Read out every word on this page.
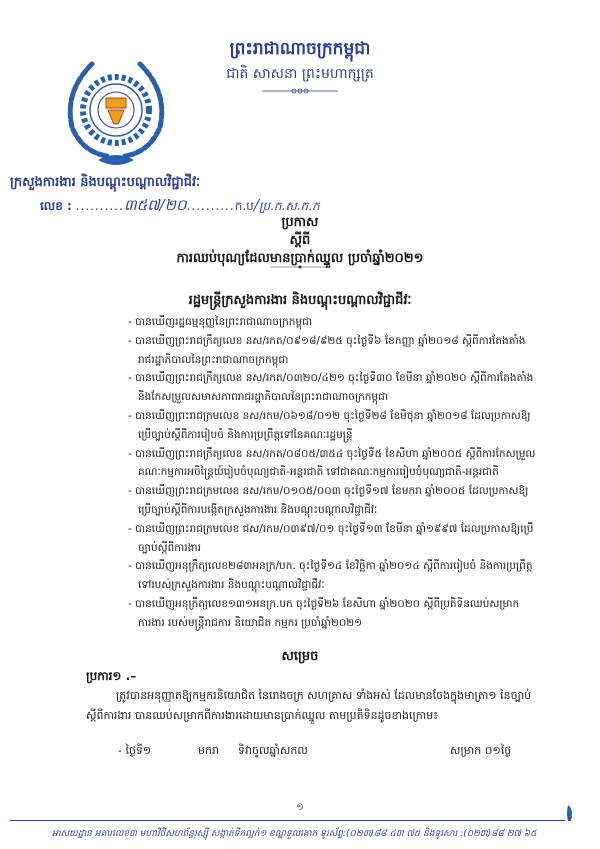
ព្រះរាជាណាចក្រកម្ពុជា
ជាតិ សាសនា ព្រះមហាក្សត្រ
ក្រសួងការងារ និងបណ្តុះបណ្តាលវិជ្ជាជីវៈ
លេខ : ..........៣៥៧/២០..........ក.ប/ប្រ.ក.ស.ក.ក
ប្រកាស
ស្តីពី
ការឈប់បុណ្យដែលមានប្រាក់ឈ្នួល ប្រចាំឆ្នាំ២០២១
រដ្ឋមន្ត្រីក្រសួងការងារ និងបណ្តុះបណ្តាលវិជ្ជាជីវៈ
- បានឃើញរដ្ឋធម្មនុញ្ញនៃព្រះរាជាណាចក្រកម្ពុជា
- បានឃើញព្រះរាជក្រឹត្យលេខ នស/រកត/០៩១៨/៩២៥ ចុះថ្ងៃទី៦ ខែកញ្ញា ឆ្នាំ២០១៨ ស្តីពីការតែងតាំងរាជរដ្ឋាភិបាលនៃព្រះរាជាណាចក្រកម្ពុជា
- បានឃើញព្រះរាជក្រឹត្យលេខ នស/រកត/០៣២០/៤២១ ចុះថ្ងៃទី៣០ ខែមីនា ឆ្នាំ២០២០ ស្តីពីការតែងតាំង និងកែសម្រួលសមាសភាពរាជរដ្ឋាភិបាលនៃព្រះរាជាណាចក្រកម្ពុជា
- បានឃើញព្រះរាជក្រមលេខ នស/រកម/០៦១៨/០១២ ចុះថ្ងៃទី២៨ ខែមិថុនា ឆ្នាំ២០១៨ ដែលប្រកាសឱ្យប្រើច្បាប់ស្តីពីការរៀបចំ និងការប្រព្រឹត្តទៅនៃគណៈរដ្ឋមន្ត្រី
- បានឃើញព្រះរាជក្រឹត្យលេខ នស/រកត/០៨០៥/៣៥៤ ចុះថ្ងៃទី៥ ខែសីហា ឆ្នាំ២០០៥ ស្តីពីការកែសម្រួលគណៈកម្មការអចិន្ត្រៃយ៍រៀបចំបុណ្យជាតិ-អន្តរជាតិ ទៅជាគណៈកម្មការរៀបចំបុណ្យជាតិ-អន្តរជាតិ
- បានឃើញព្រះរាជក្រមលេខ នស/រកម/០១០៥/០០៣ ចុះថ្ងៃទី១៧ ខែមករា ឆ្នាំ២០០៥ ដែលប្រកាសឱ្យប្រើច្បាប់ស្តីពីការបង្កើតក្រសួងការងារ និងបណ្តុះបណ្តាលវិជ្ជាជីវៈ
- បានឃើញព្រះរាជក្រមលេខ ជស/រកម/០៣៩៧/០១ ចុះថ្ងៃទី១៣ ខែមីនា ឆ្នាំ១៩៩៧ ដែលប្រកាសឱ្យប្រើច្បាប់ស្តីពីការងារ
- បានឃើញអនុក្រឹត្យលេខ២៨៣អនក្រ/បក. ចុះថ្ងៃទី១៤ ខែវិច្ឆិកា ឆ្នាំ២០១៤ ស្តីពីការរៀបចំ និងការប្រព្រឹត្តទៅរបស់ក្រសួងការងារ និងបណ្តុះបណ្តាលវិជ្ជាជីវៈ
- បានឃើញអនុក្រឹត្យលេខ១៣១អនក្រ.បក ចុះថ្ងៃទី២៦ ខែសីហា ឆ្នាំ២០២០ ស្តីពីប្រតិទិនឈប់សម្រាកការងារ របស់មន្ត្រីរាជការ និយោជិត កម្មករ ប្រចាំឆ្នាំ២០២១
សម្រេច
ប្រការ១ .–
ត្រូវបានអនុញ្ញាតឱ្យកម្មករនិយោជិត នៃរោងចក្រ សហគ្រាស ទាំងអស់ ដែលមានចែងក្នុងមាត្រា១ នៃច្បាប់ស្តីពីការងារ បានឈប់សម្រាកពីការងារដោយមានប្រាក់ឈ្នួល តាមប្រតិទិនដូចខាងក្រោម៖
- ថ្ងៃទី១	មករា ទិវាចូលឆ្នាំសកល	សម្រាក ០១ថ្ងៃ
១
អាសយដ្ឋាន អគារលេខ៣ មហាវិថីសហព័ន្ធរុស្ស៊ី សង្កាត់ទឹកល្អក់១ ខណ្ឌទួលគោក ទូរស័ព្ទ:(០២៣)៨៨ ៤៣ ៧៥ និងទូរសារ :(០២៣)៨៨ ២៧ ៦៥
